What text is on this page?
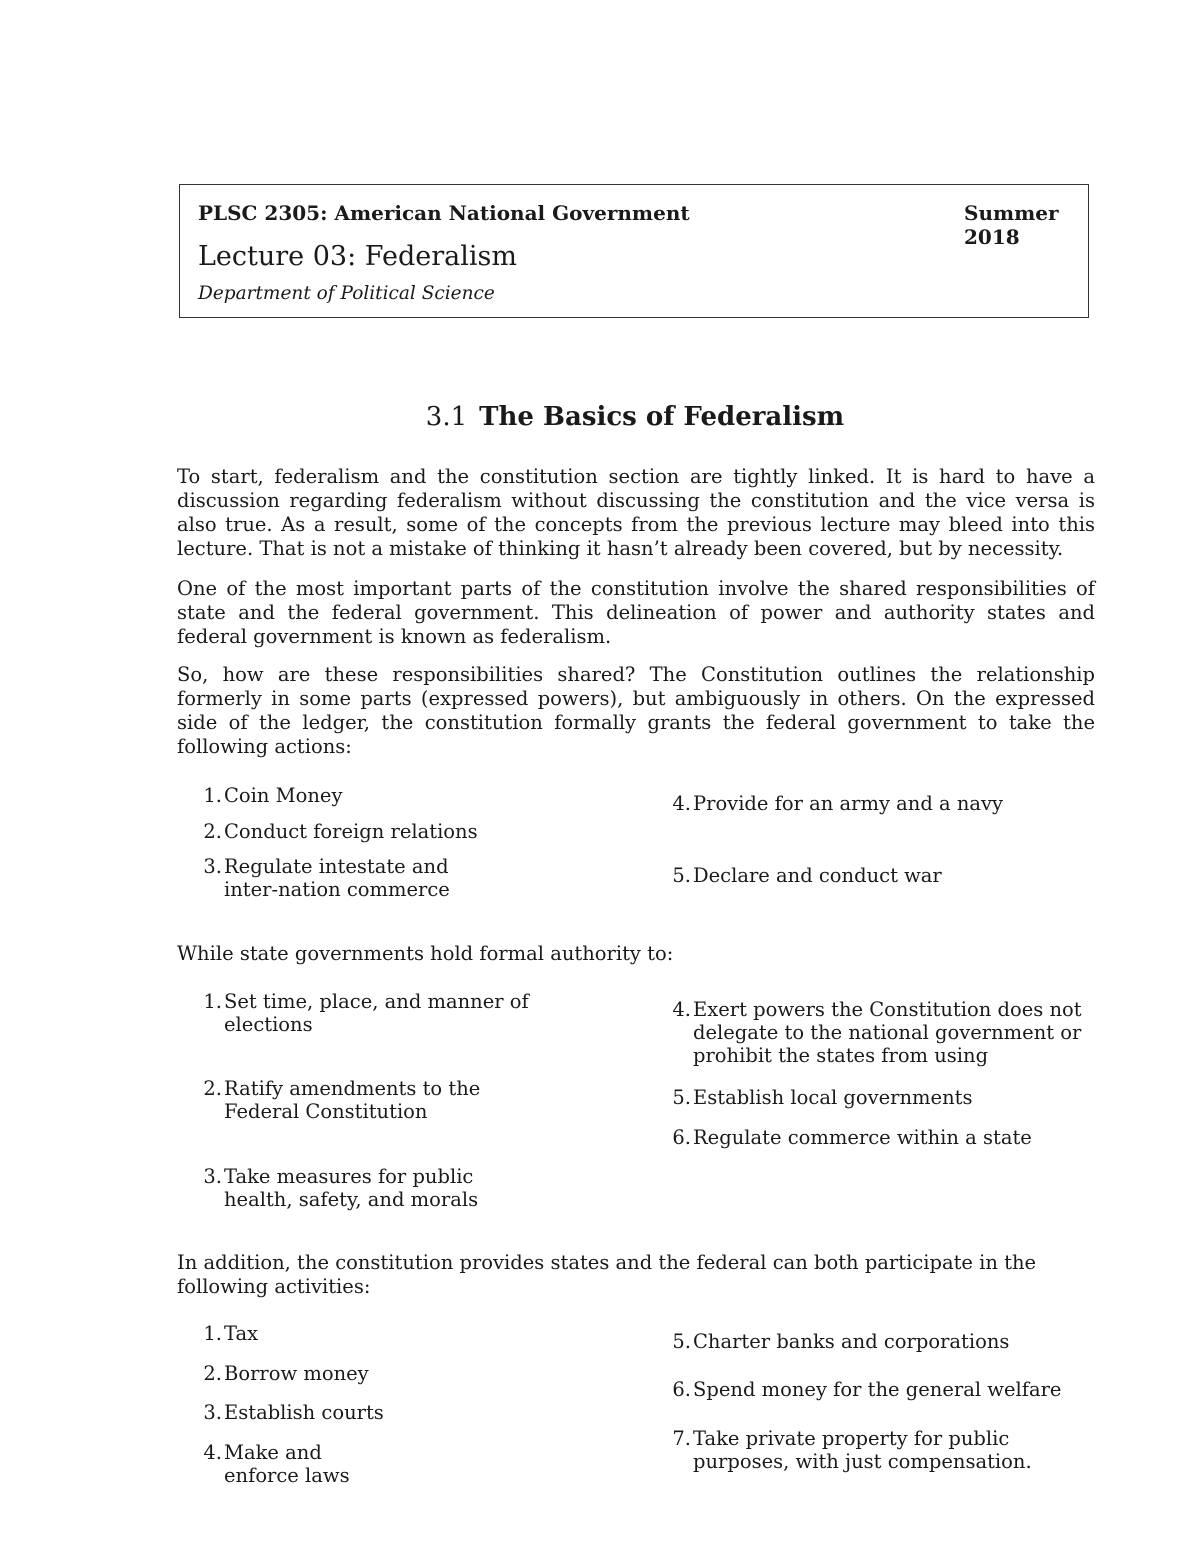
PLSC 2305: American National Government	Summer
2018
Lecture 03: Federalism
Department of Political Science
3.1 The Basics of Federalism

To start, federalism and the constitution section are tightly linked. It is hard to have a discussion regarding federalism without discussing the constitution and the vice versa is also true. As a result, some of the concepts from the previous lecture may bleed into this lecture. That is not a mistake of thinking it hasn’t already been covered, but by necessity.

One of the most important parts of the constitution involve the shared responsibilities of state and the federal government. This delineation of power and authority states and federal government is known as federalism.

So, how are these responsibilities shared? The Constitution outlines the relationship formerly in some parts (expressed powers), but ambiguously in others. On the expressed side of the ledger, the constitution formally grants the federal government to take the following actions:

1. Coin Money
2. Conduct foreign relations
3. Regulate intestate and inter-nation commerce
4. Provide for an army and a navy
5. Declare and conduct war

While state governments hold formal authority to:

1. Set time, place, and manner of elections
2. Ratify amendments to the Federal Constitution
3. Take measures for public health, safety, and morals
4. Exert powers the Constitution does not delegate to the national government or prohibit the states from using
5. Establish local governments
6. Regulate commerce within a state

In addition, the constitution provides states and the federal can both participate in the following activities:

1. Tax
2. Borrow money
3. Establish courts
4. Make and enforce laws
5. Charter banks and corporations
6. Spend money for the general welfare
7. Take private property for public purposes, with just compensation.
